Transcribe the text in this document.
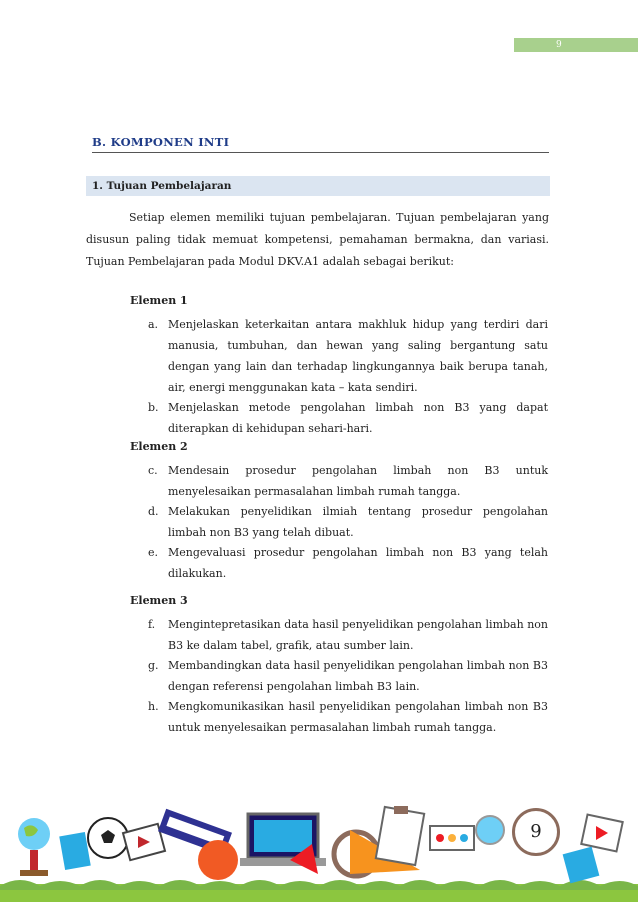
9
B. KOMPONEN INTI
1. Tujuan Pembelajaran

Setiap elemen memiliki tujuan pembelajaran. Tujuan pembelajaran yang disusun paling tidak memuat kompetensi, pemahaman bermakna, dan variasi. Tujuan Pembelajaran pada Modul DKV.A1 adalah sebagai berikut:

Elemen 1
a. Menjelaskan keterkaitan antara makhluk hidup yang terdiri dari manusia, tumbuhan, dan hewan yang saling bergantung satu dengan yang lain dan terhadap lingkungannya baik berupa tanah, air, energi menggunakan kata – kata sendiri.
b. Menjelaskan metode pengolahan limbah non B3 yang dapat diterapkan di kehidupan sehari-hari.
Elemen 2
c. Mendesain prosedur pengolahan limbah non B3 untuk menyelesaikan permasalahan limbah rumah tangga.
d. Melakukan penyelidikan ilmiah tentang prosedur pengolahan limbah non B3 yang telah dibuat.
e. Mengevaluasi prosedur pengolahan limbah non B3 yang telah dilakukan.
Elemen 3
f. Mengintepretasikan data hasil penyelidikan pengolahan limbah non B3 ke dalam tabel, grafik, atau sumber lain.
g. Membandingkan data hasil penyelidikan pengolahan limbah non B3 dengan referensi pengolahan limbah B3 lain.
h. Mengkomunikasikan hasil penyelidikan pengolahan limbah non B3 untuk menyelesaikan permasalahan limbah rumah tangga.
9
